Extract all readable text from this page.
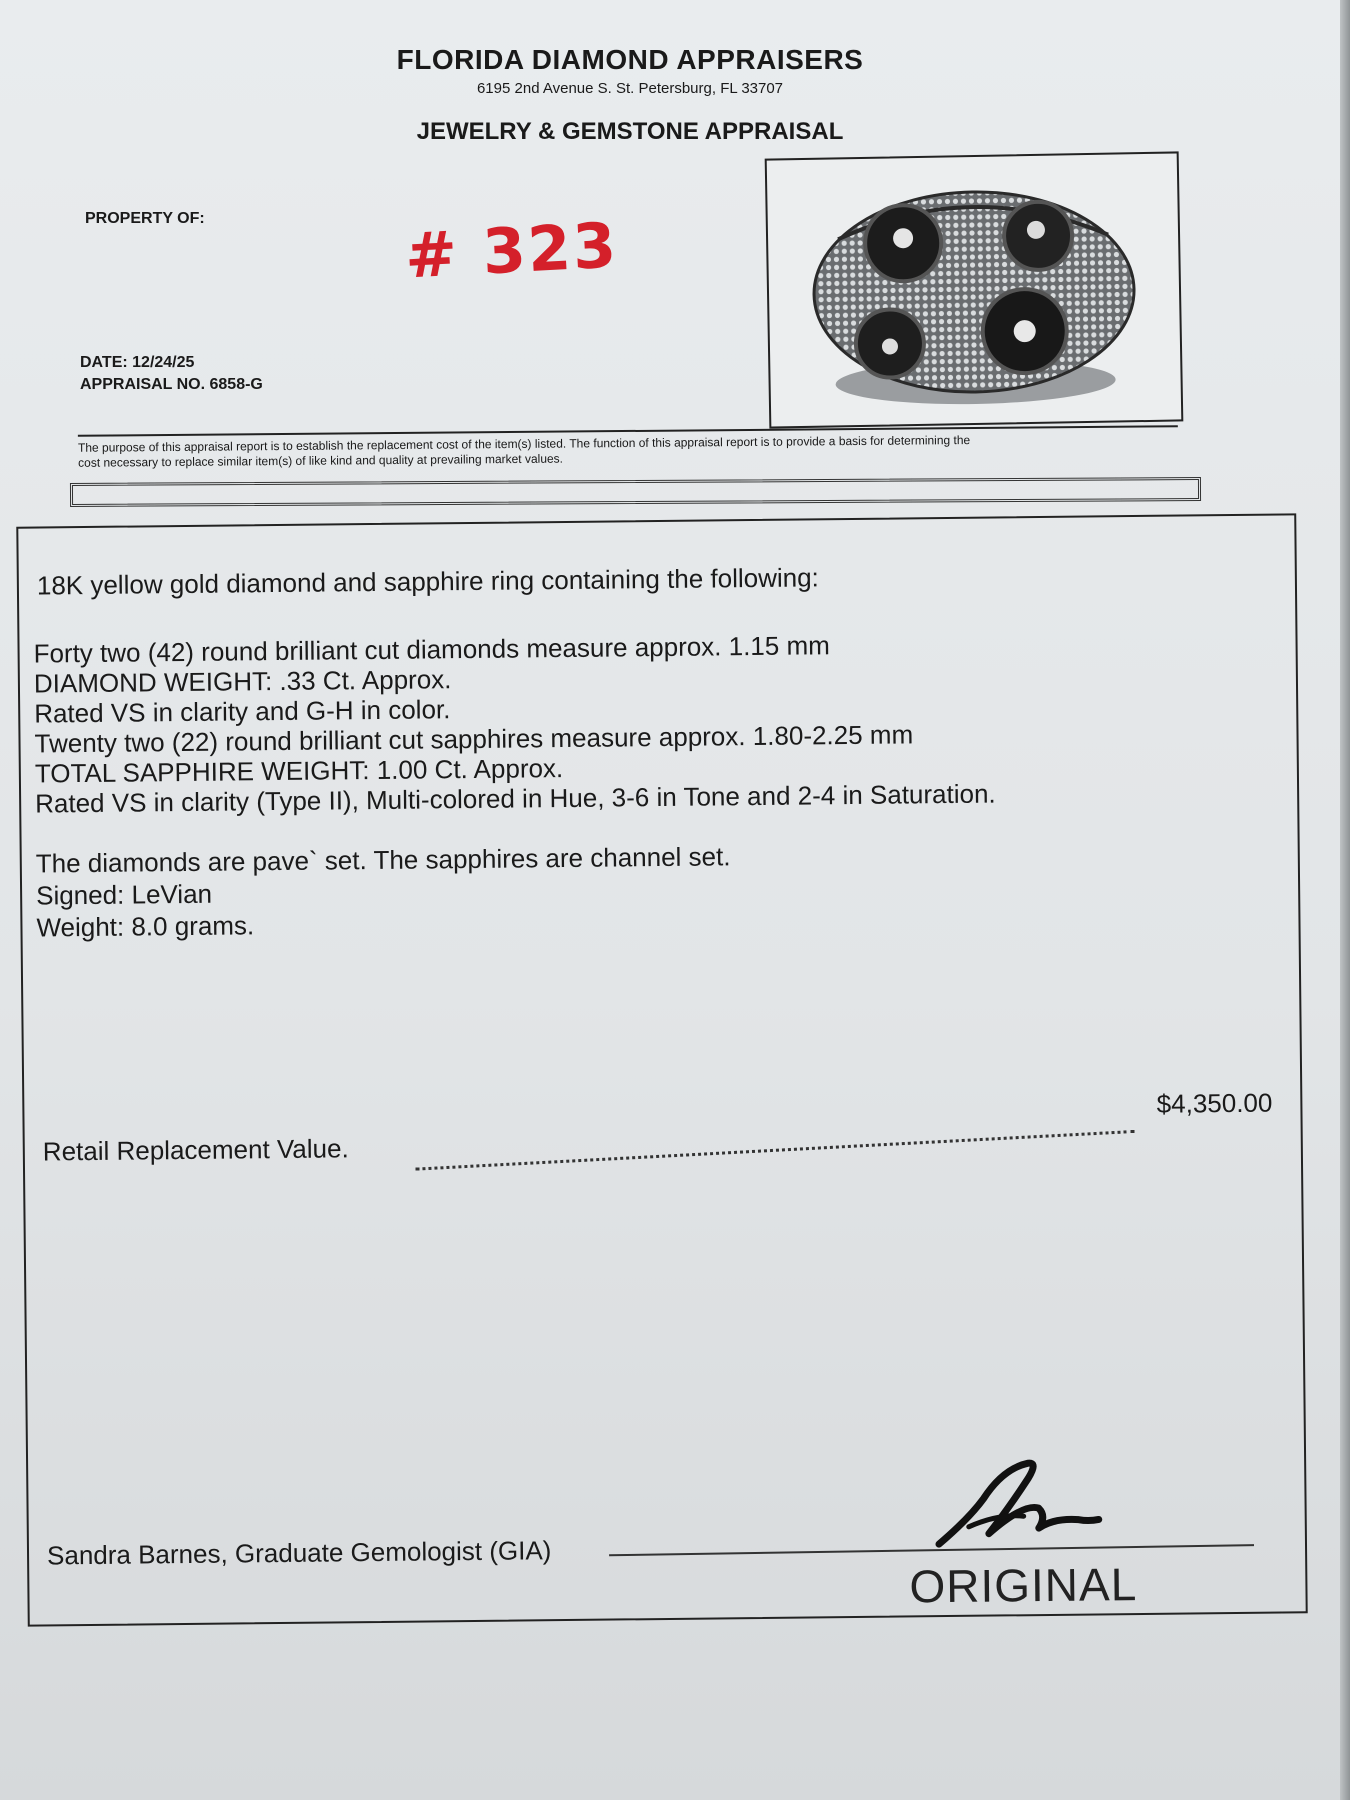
FLORIDA DIAMOND APPRAISERS
6195 2nd Avenue S. St. Petersburg, FL 33707
JEWELRY & GEMSTONE APPRAISAL
PROPERTY OF:	# 323
DATE: 12/24/25
APPRAISAL NO. 6858-G
The purpose of this appraisal report is to establish the replacement cost of the item(s) listed. The function of this appraisal report is to provide a basis for determining the
cost necessary to replace similar item(s) of like kind and quality at prevailing market values.
18K yellow gold diamond and sapphire ring containing the following:
Forty two (42) round brilliant cut diamonds measure approx. 1.15 mm
DIAMOND WEIGHT: .33 Ct. Approx.
Rated VS in clarity and G-H in color.
Twenty two (22) round brilliant cut sapphires measure approx. 1.80-2.25 mm
TOTAL SAPPHIRE WEIGHT: 1.00 Ct. Approx.
Rated VS in clarity (Type II), Multi-colored in Hue, 3-6 in Tone and 2-4 in Saturation.
The diamonds are pave` set. The sapphires are channel set.
Signed: LeVian
Weight: 8.0 grams.
Retail Replacement Value.
$4,350.00
Sandra Barnes, Graduate Gemologist (GIA)
ORIGINAL
